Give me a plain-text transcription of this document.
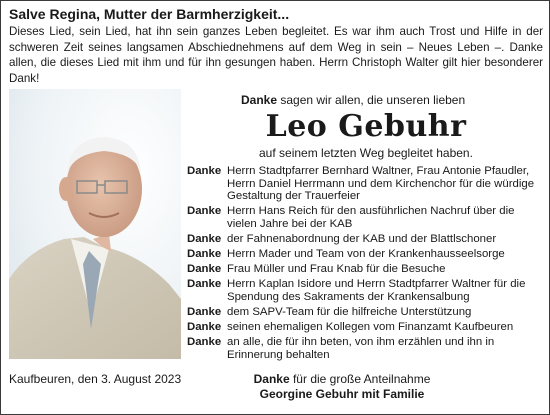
Salve Regina, Mutter der Barmherzigkeit...
Dieses Lied, sein Lied, hat ihn sein ganzes Leben begleitet. Es war ihm auch Trost und Hilfe in der schweren Zeit seines langsamen Abschiednehmens auf dem Weg in sein – Neues Leben –. Danke allen, die dieses Lied mit ihm und für ihn gesungen haben. Herrn Christoph Walter gilt hier besonderer Dank!
Danke sagen wir allen, die unseren lieben
Leo Gebuhr
auf seinem letzten Weg begleitet haben.
Danke Herrn Stadtpfarrer Bernhard Waltner, Frau Antonie Pfaudler, Herrn Daniel Herrmann und dem Kirchenchor für die würdige Gestaltung der Trauerfeier
Danke Herrn Hans Reich für den ausführlichen Nachruf über die vielen Jahre bei der KAB
Danke der Fahnenabordnung der KAB und der Blattlschoner
Danke Herrn Mader und Team von der Krankenhausseelsorge
Danke Frau Müller und Frau Knab für die Besuche
Danke Herrn Kaplan Isidore und Herrn Stadtpfarrer Waltner für die Spendung des Sakraments der Krankensalbung
Danke dem SAPV-Team für die hilfreiche Unterstützung
Danke seinen ehemaligen Kollegen vom Finanzamt Kaufbeuren
Danke an alle, die für ihn beten, von ihm erzählen und ihn in Erinnerung behalten
Kaufbeuren, den 3. August 2023	Danke für die große Anteilnahme
Georgine Gebuhr mit Familie
